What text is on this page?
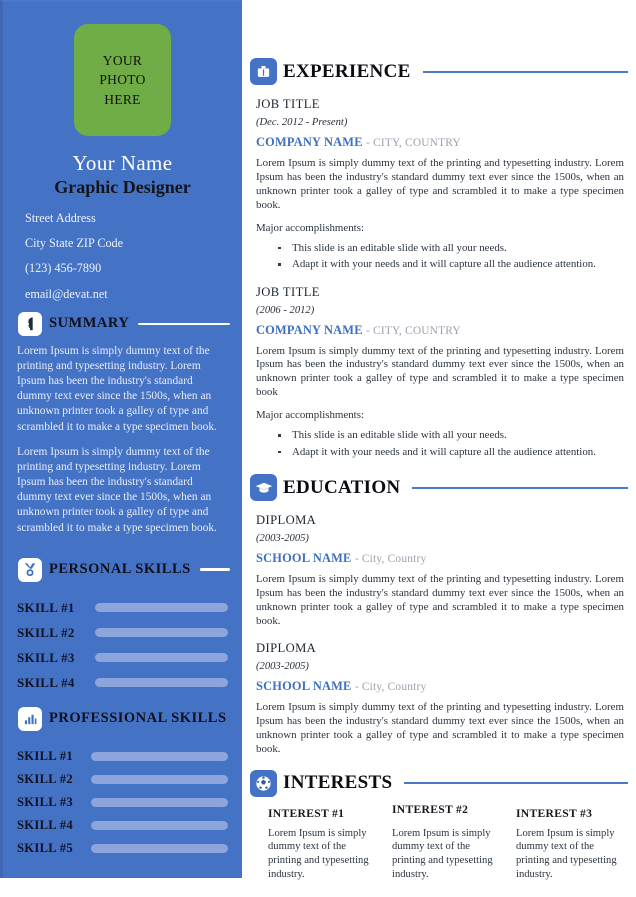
YOUR
PHOTO
HERE
Your Name
Graphic Designer
Street Address
City State ZIP Code
(123) 456-7890
email@devat.net
SUMMARY

Lorem Ipsum is simply dummy text of the printing and typesetting industry. Lorem Ipsum has been the industry's standard dummy text ever since the 1500s, when an unknown printer took a galley of type and scrambled it to make a type specimen book.

Lorem Ipsum is simply dummy text of the printing and typesetting industry. Lorem Ipsum has been the industry's standard dummy text ever since the 1500s, when an unknown printer took a galley of type and scrambled it to make a type specimen book.

PERSONAL SKILLS
SKILL #1
SKILL #2
SKILL #3
SKILL #4
PROFESSIONAL SKILLS
SKILL #1
SKILL #2
SKILL #3
SKILL #4
SKILL #5
EXPERIENCE
JOB TITLE
(Dec. 2012 - Present)
COMPANY NAME - CITY, COUNTRY
Lorem Ipsum is simply dummy text of the printing and typesetting industry. Lorem Ipsum has been the industry's standard dummy text ever since the 1500s, when an unknown printer took a galley of type and scrambled it to make a type specimen book.
Major accomplishments:
This slide is an editable slide with all your needs.
Adapt it with your needs and it will capture all the audience attention.
JOB TITLE
(2006 - 2012)
COMPANY NAME - CITY, COUNTRY
Lorem Ipsum is simply dummy text of the printing and typesetting industry. Lorem Ipsum has been the industry's standard dummy text ever since the 1500s, when an unknown printer took a galley of type and scrambled it to make a type specimen book
Major accomplishments:
This slide is an editable slide with all your needs.
Adapt it with your needs and it will capture all the audience attention.
EDUCATION
DIPLOMA
(2003-2005)
SCHOOL NAME - City, Country
Lorem Ipsum is simply dummy text of the printing and typesetting industry. Lorem Ipsum has been the industry's standard dummy text ever since the 1500s, when an unknown printer took a galley of type and scrambled it to make a type specimen book.
DIPLOMA
(2003-2005)
SCHOOL NAME - City, Country
Lorem Ipsum is simply dummy text of the printing and typesetting industry. Lorem Ipsum has been the industry's standard dummy text ever since the 1500s, when an unknown printer took a galley of type and scrambled it to make a type specimen book.
INTERESTS
INTEREST #1
Lorem Ipsum is simply dummy text of the printing and typesetting industry.
INTEREST #2
Lorem Ipsum is simply dummy text of the printing and typesetting industry.
INTEREST #3
Lorem Ipsum is simply dummy text of the printing and typesetting industry.
